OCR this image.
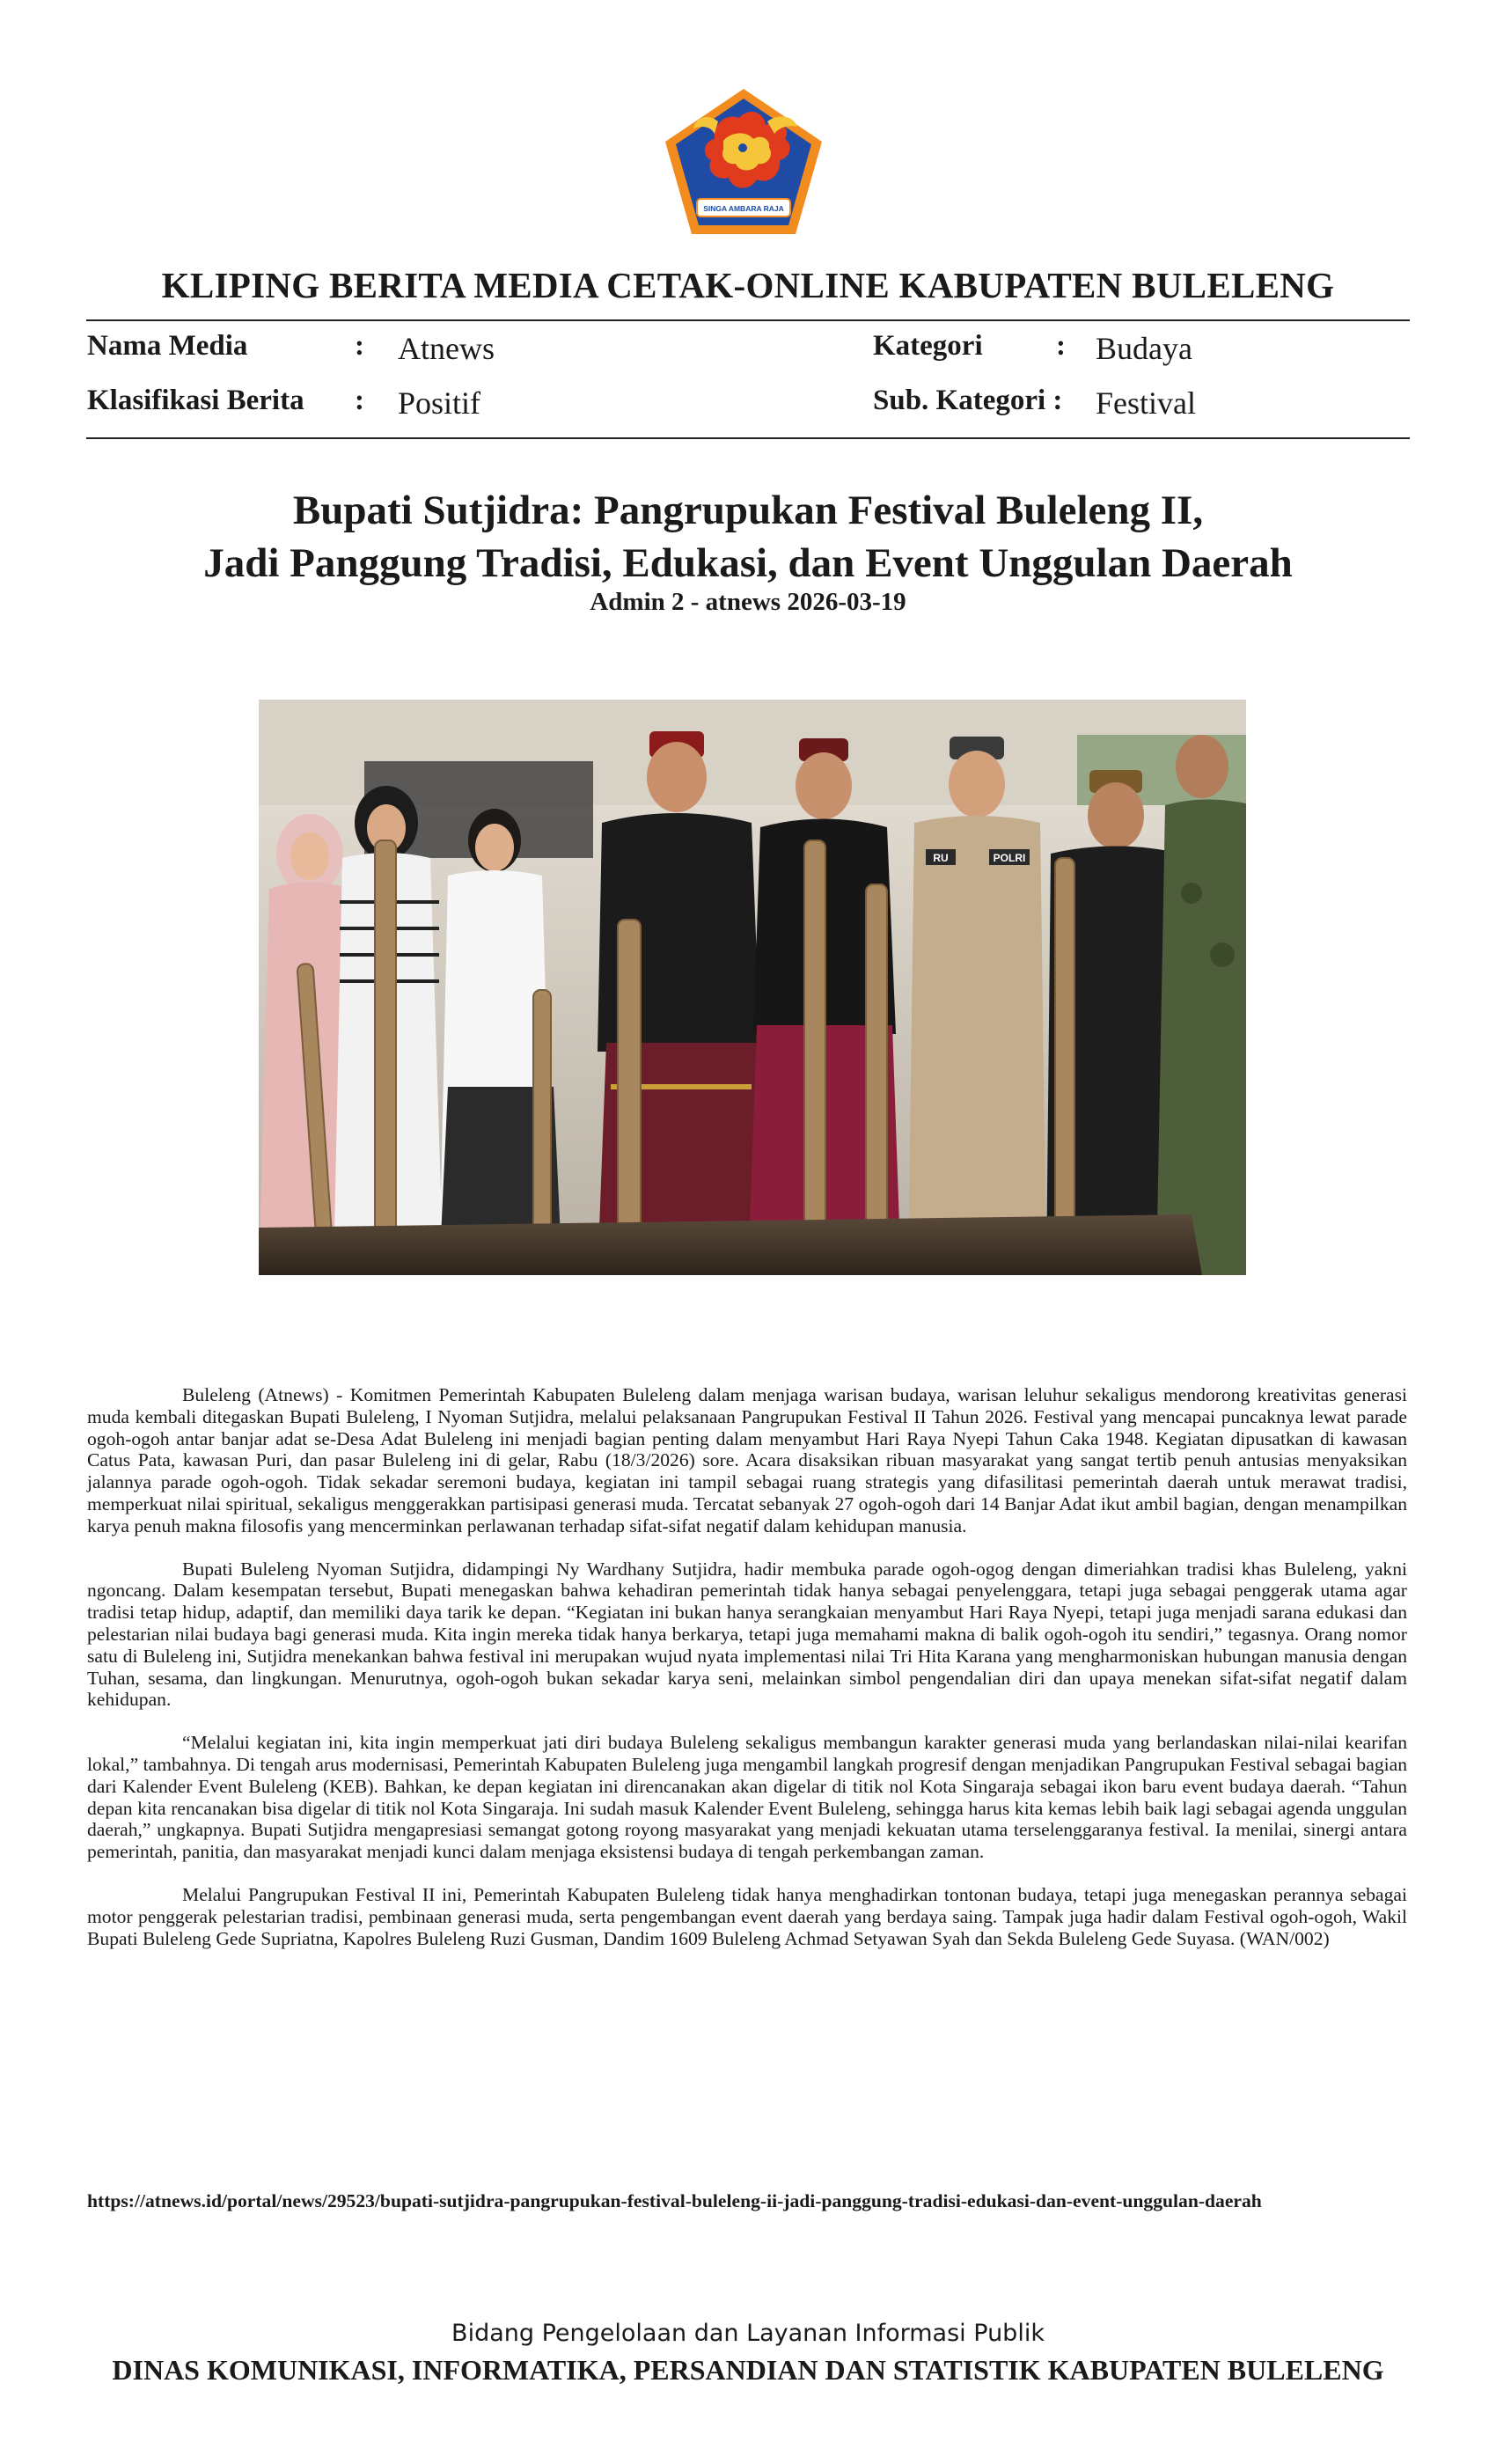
SINGA AMBARA RAJA
KLIPING BERITA MEDIA CETAK-ONLINE KABUPATEN BULELENG
Nama Media	: Atnews
Klasifikasi Berita : Positif
Kategori	: Budaya
Sub. Kategori : Festival
Bupati Sutjidra: Pangrupukan Festival Buleleng II,
Jadi Panggung Tradisi, Edukasi, dan Event Unggulan Daerah
Admin 2 - atnews 2026-03-19
POLRI
RU

Buleleng (Atnews) - Komitmen Pemerintah Kabupaten Buleleng dalam menjaga warisan budaya, warisan leluhur sekaligus mendorong kreativitas generasi muda kembali ditegaskan Bupati Buleleng, I Nyoman Sutjidra, melalui pelaksanaan Pangrupukan Festival II Tahun 2026. Festival yang mencapai puncaknya lewat parade ogoh-ogoh antar banjar adat se-Desa Adat Buleleng ini menjadi bagian penting dalam menyambut Hari Raya Nyepi Tahun Caka 1948. Kegiatan dipusatkan di kawasan Catus Pata, kawasan Puri, dan pasar Buleleng ini di gelar, Rabu (18/3/2026) sore. Acara disaksikan ribuan masyarakat yang sangat tertib penuh antusias menyaksikan jalannya parade ogoh-ogoh. Tidak sekadar seremoni budaya, kegiatan ini tampil sebagai ruang strategis yang difasilitasi pemerintah daerah untuk merawat tradisi, memperkuat nilai spiritual, sekaligus menggerakkan partisipasi generasi muda. Tercatat sebanyak 27 ogoh-ogoh dari 14 Banjar Adat ikut ambil bagian, dengan menampilkan karya penuh makna filosofis yang mencerminkan perlawanan terhadap sifat-sifat negatif dalam kehidupan manusia.

Bupati Buleleng Nyoman Sutjidra, didampingi Ny Wardhany Sutjidra, hadir membuka parade ogoh-ogog dengan dimeriahkan tradisi khas Buleleng, yakni ngoncang. Dalam kesempatan tersebut, Bupati menegaskan bahwa kehadiran pemerintah tidak hanya sebagai penyelenggara, tetapi juga sebagai penggerak utama agar tradisi tetap hidup, adaptif, dan memiliki daya tarik ke depan. “Kegiatan ini bukan hanya serangkaian menyambut Hari Raya Nyepi, tetapi juga menjadi sarana edukasi dan pelestarian nilai budaya bagi generasi muda. Kita ingin mereka tidak hanya berkarya, tetapi juga memahami makna di balik ogoh-ogoh itu sendiri,” tegasnya. Orang nomor satu di Buleleng ini, Sutjidra menekankan bahwa festival ini merupakan wujud nyata implementasi nilai Tri Hita Karana yang mengharmoniskan hubungan manusia dengan Tuhan, sesama, dan lingkungan. Menurutnya, ogoh-ogoh bukan sekadar karya seni, melainkan simbol pengendalian diri dan upaya menekan sifat-sifat negatif dalam kehidupan.

“Melalui kegiatan ini, kita ingin memperkuat jati diri budaya Buleleng sekaligus membangun karakter generasi muda yang berlandaskan nilai-nilai kearifan lokal,” tambahnya. Di tengah arus modernisasi, Pemerintah Kabupaten Buleleng juga mengambil langkah progresif dengan menjadikan Pangrupukan Festival sebagai bagian dari Kalender Event Buleleng (KEB). Bahkan, ke depan kegiatan ini direncanakan akan digelar di titik nol Kota Singaraja sebagai ikon baru event budaya daerah. “Tahun depan kita rencanakan bisa digelar di titik nol Kota Singaraja. Ini sudah masuk Kalender Event Buleleng, sehingga harus kita kemas lebih baik lagi sebagai agenda unggulan daerah,” ungkapnya. Bupati Sutjidra mengapresiasi semangat gotong royong masyarakat yang menjadi kekuatan utama terselenggaranya festival. Ia menilai, sinergi antara pemerintah, panitia, dan masyarakat menjadi kunci dalam menjaga eksistensi budaya di tengah perkembangan zaman.

Melalui Pangrupukan Festival II ini, Pemerintah Kabupaten Buleleng tidak hanya menghadirkan tontonan budaya, tetapi juga menegaskan perannya sebagai motor penggerak pelestarian tradisi, pembinaan generasi muda, serta pengembangan event daerah yang berdaya saing. Tampak juga hadir dalam Festival ogoh-ogoh, Wakil Bupati Buleleng Gede Supriatna, Kapolres Buleleng Ruzi Gusman, Dandim 1609 Buleleng Achmad Setyawan Syah dan Sekda Buleleng Gede Suyasa. (WAN/002)

https://atnews.id/portal/news/29523/bupati-sutjidra-pangrupukan-festival-buleleng-ii-jadi-panggung-tradisi-edukasi-dan-event-unggulan-daerah
Bidang Pengelolaan dan Layanan Informasi Publik
DINAS KOMUNIKASI, INFORMATIKA, PERSANDIAN DAN STATISTIK KABUPATEN BULELENG
